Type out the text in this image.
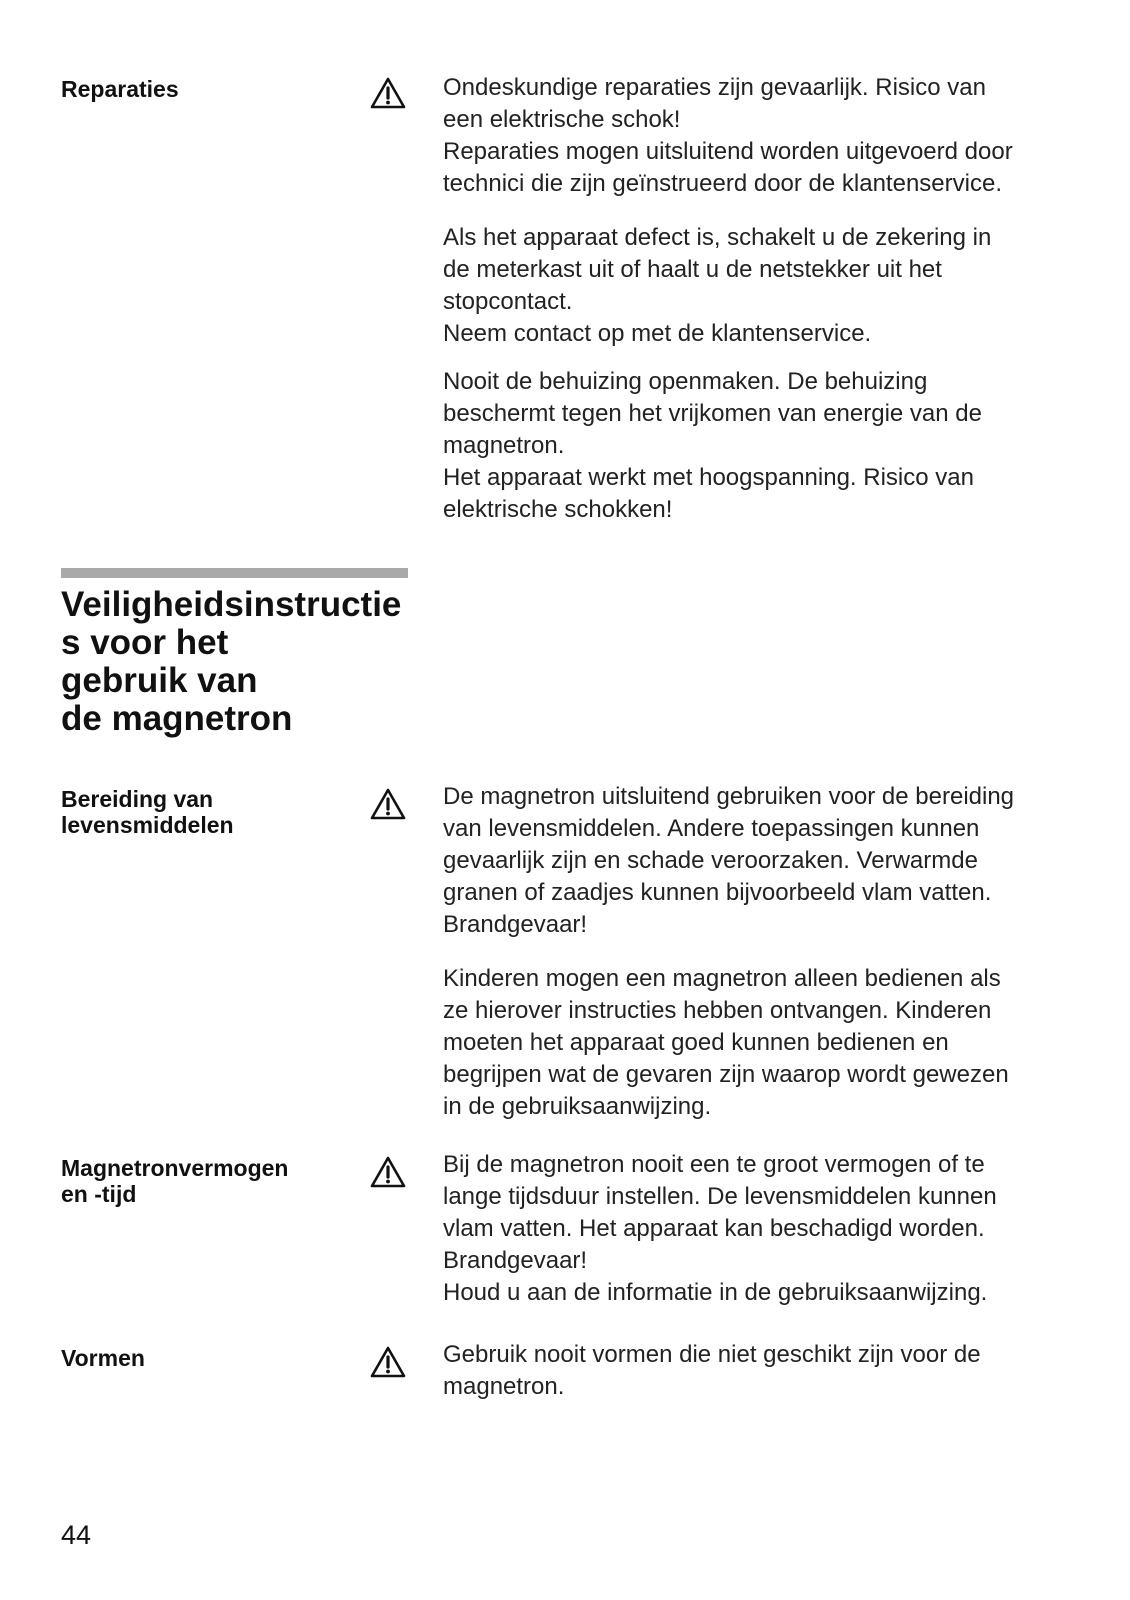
Reparaties	Ondeskundige reparaties zijn gevaarlijk. Risico van
een elektrische schok!
Reparaties mogen uitsluitend worden uitgevoerd door
technici die zijn geïnstrueerd door de klantenservice.
Als het apparaat defect is, schakelt u de zekering in
de meterkast uit of haalt u de netstekker uit het
stopcontact.
Neem contact op met de klantenservice.
Nooit de behuizing openmaken. De behuizing
beschermt tegen het vrijkomen van energie van de
magnetron.
Het apparaat werkt met hoogspanning. Risico van
elektrische schokken!
Veiligheidsinstructie
s voor het
gebruik van
de magnetron
Bereiding van
levensmiddelen
De magnetron uitsluitend gebruiken voor de bereiding
van levensmiddelen. Andere toepassingen kunnen
gevaarlijk zijn en schade veroorzaken. Verwarmde
granen of zaadjes kunnen bijvoorbeeld vlam vatten.
Brandgevaar!
Kinderen mogen een magnetron alleen bedienen als
ze hierover instructies hebben ontvangen. Kinderen
moeten het apparaat goed kunnen bedienen en
begrijpen wat de gevaren zijn waarop wordt gewezen
in de gebruiksaanwijzing.
Magnetronvermogen
en -tijd
Bij de magnetron nooit een te groot vermogen of te
lange tijdsduur instellen. De levensmiddelen kunnen
vlam vatten. Het apparaat kan beschadigd worden.
Brandgevaar!
Houd u aan de informatie in de gebruiksaanwijzing.
Vormen	Gebruik nooit vormen die niet geschikt zijn voor de
magnetron.
44
